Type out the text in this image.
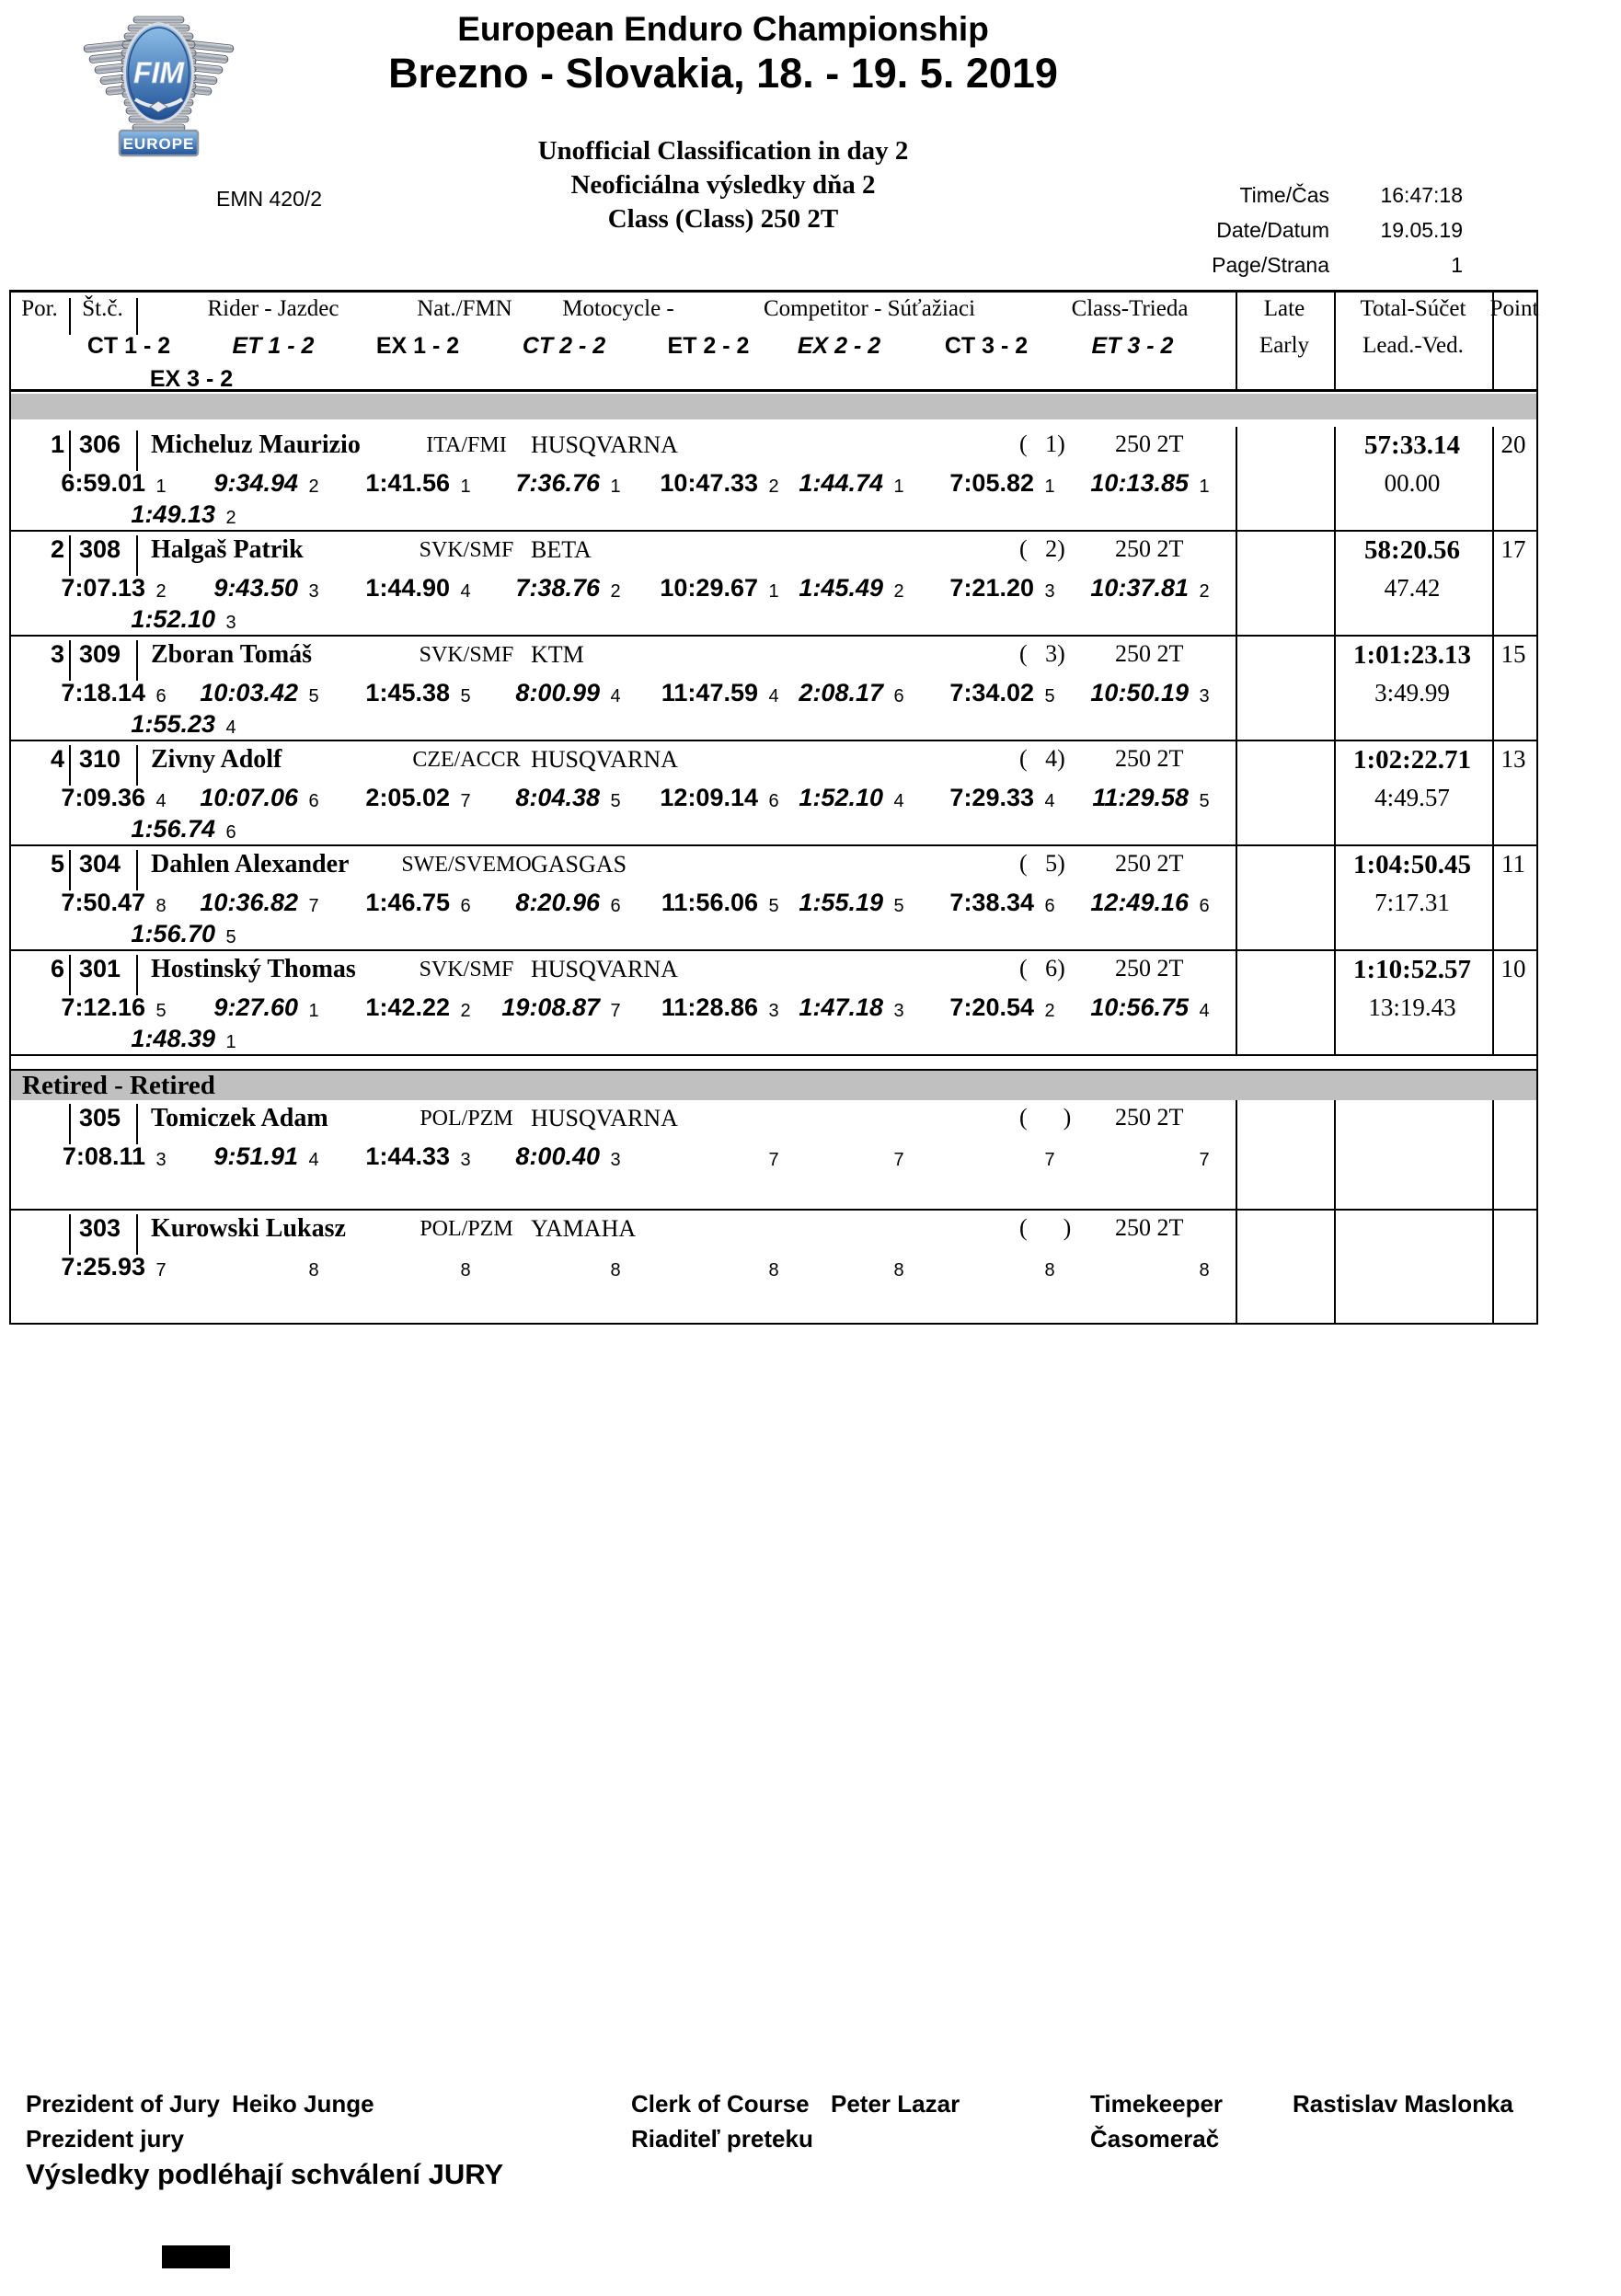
FIM
EUROPE
European Enduro Championship
Brezno - Slovakia, 18. - 19. 5. 2019
Unofficial Classification in day 2
Neoficiálna výsledky dňa 2
Class (Class) 250 2T
EMN 420/2	Time/Čas	16:47:18
Date/Datum	19.05.19
Page/Strana	1
Por.	Št.č.	Rider - Jazdec	Nat./FMN	Motocycle -	Competitor - Súťažiaci	Class-Trieda	Late	Total-Súčet	Point
CT 1 - 2	ET 1 - 2	EX 1 - 2	CT 2 - 2	ET 2 - 2	EX 2 - 2	CT 3 - 2	ET 3 - 2	Early	Lead.-Ved.
EX 3 - 2
1 306 Micheluz Maurizio	ITA/FMI	HUSQVARNA	(   1) 250 2T	57:33.14	20
6:59.01 1	9:34.94 2	1:41.56 1	7:36.76 1	10:47.33 2 1:44.74 1	7:05.82 1	10:13.85 1	00.00
1:49.13 2
2 308 Halgaš Patrik	SVK/SMF BETA	(   2) 250 2T	58:20.56	17
7:07.13 2	9:43.50 3	1:44.90 4	7:38.76 2	10:29.67 1 1:45.49 2	7:21.20 3	10:37.81 2	47.42
1:52.10 3
3 309 Zboran Tomáš	SVK/SMF KTM	(   3) 250 2T	1:01:23.13	15
7:18.14 6	10:03.42 5	1:45.38 5	8:00.99 4	11:47.59 4 2:08.17 6	7:34.02 5	10:50.19 3	3:49.99
1:55.23 4
4 310 Zivny Adolf	CZE/ACCR HUSQVARNA	(   4) 250 2T	1:02:22.71	13
7:09.36 4	10:07.06 6	2:05.02 7	8:04.38 5	12:09.14 6 1:52.10 4	7:29.33 4	11:29.58 5	4:49.57
1:56.74 6
5 304 Dahlen Alexander SWE/SVEMO GASGAS	(   5) 250 2T	1:04:50.45	11
7:50.47 8	10:36.82 7	1:46.75 6	8:20.96 6	11:56.06 5 1:55.19 5	7:38.34 6	12:49.16 6	7:17.31
1:56.70 5
6 301 Hostinský Thomas	SVK/SMF HUSQVARNA	(   6) 250 2T	1:10:52.57	10
7:12.16 5	9:27.60 1	1:42.22 2	19:08.87 7	11:28.86 3 1:47.18 3	7:20.54 2	10:56.75 4	13:19.43
1:48.39 1
Retired - Retired
305 Tomiczek Adam	POL/PZM HUSQVARNA	(      ) 250 2T
7:08.11 3	9:51.91 4	1:44.33 3	8:00.40 3	7	7	7	7
303 Kurowski Lukasz	POL/PZM YAMAHA	(      ) 250 2T
7:25.93 7	8	8	8	8	8	8	8
Prezident of Jury Heiko Junge	Clerk of Course Peter Lazar	Timekeeper	Rastislav Maslonka
Prezident jury	Riaditeľ preteku	Časomerač
Výsledky podléhají schválení JURY
